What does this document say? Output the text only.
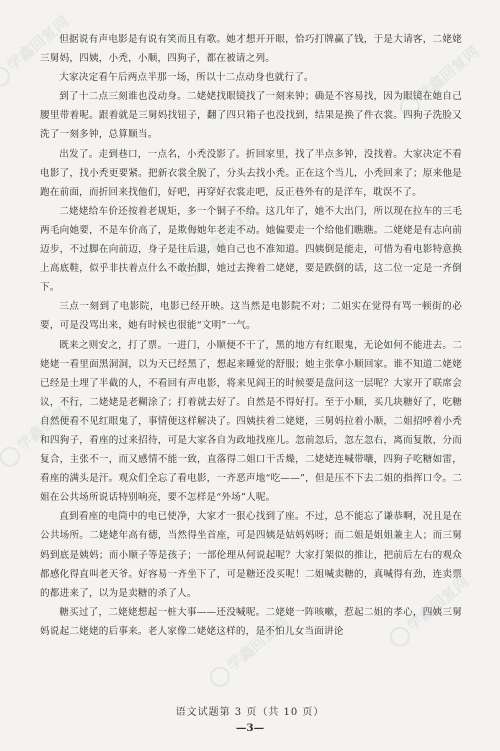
但据说有声电影是有说有笑而且有歌。她才想开开眼，恰巧打牌赢了钱，于是大请客，二姥姥三舅妈，四姨，小秃，小顺，四狗子，都在被请之列。

大家决定看午后两点半那一场，所以十二点动身也就行了。

到了十二点三刻谁也没动身。二姥姥找眼镜找了一刻来钟；确是不容易找，因为眼镜在她自己腰里带着呢。跟着就是三舅妈找钮子，翻了四只箱子也没找到，结果是换了件衣裳。四狗子洗脸又洗了一刻多钟，总算顺当。

出发了。走到巷口，一点名，小秃没影了。折回家里，找了半点多钟，没找着。大家决定不看电影了，找小秃更要紧。把新衣裳全脱了，分头去找小秃。正在这个当儿，小秃回来了；原来他是跑在前面，而折回来找他们，好吧，再穿好衣裳走吧，反正巷外有的是洋车，耽误不了。

二姥姥给车价还按着老规矩，多一个铜子不给。这几年了，她不大出门，所以现在拉车的三毛两毛向她要，不是车价高了，是欺侮她年老走不动。她偏要走一个给他们瞧瞧。二姥姥是有志向前迈步，不过脚在向前迈，身子是往后退，她自己也不准知道。四姨倒是能走，可惜为看电影特意换上高底鞋，似乎非扶着点什么不敢抬脚，她过去搀着二姥姥，要是跌倒的话，这二位一定是一齐倒下。

三点一刻到了电影院，电影已经开映。这当然是电影院不对；二姐实在觉得有骂一顿街的必要，可是没骂出来，她有时候也很能“文明”一气。

既来之则安之，打了票。一进门，小顺便不干了，黑的地方有红眼鬼，无论如何不能进去。二姥姥一看里面黑洞洞，以为天已经黑了，想起来睡觉的舒服；她主张拿小顺回家。谁不知道二姥姥已经是土埋了半截的人，不看回有声电影，将来见阎王的时候要是盘问这一层呢？大家开了联席会议，不行，二姥姥是老糊涂了；打着就去好了。自然是不得好打。至于小顺，买几块糖好了，吃糖自然便看不见红眼鬼了，事情便这样解决了。四姨扶着二姥姥，三舅妈拉着小顺，二姐招呼着小秃和四狗子，看座的过来招待，可是大家各自为政地找座儿。忽前忽后，忽左忽右，离而复散，分而复合，主张不一，而又感情不能一致，直落得二姐口干舌燥，二姥姥连喊带嚷，四狗子吃糖如雷，看座的满头是汗。观众们全忘了看电影，一齐恶声地“吃——”，但是压不下去二姐的指挥口令。二姐在公共场所说话特别响亮，要不怎样是“外场”人呢。

直到看座的电筒中的电已使净，大家才一狠心找到了座。不过，总不能忘了谦恭啊，况且是在公共场所。二姥姥年高有德，当然得坐首座，可是四姨是姑妈妈呀；而二姐是姐姐兼主人；而三舅妈到底是姨妈；而小顺子等是孩子；一部伦理从何说起呢？大家打架似的推让，把前后左右的观众都感化得直叫老天爷。好容易一齐坐下了，可是糖还没买呢！二姐喊卖糖的，真喊得有劲，连卖票的都进来了，以为是卖糖的杀了人。

糖买过了，二姥姥想起一桩大事——还没喊呢。二姥姥一阵咳嗽，惹起二姐的孝心，四姨三舅妈说起二姥姥的后事来。老人家像二姥姥这样的，是不怕儿女当面讲论

语文试题第 3 页（共 10 页）
—3—
学鑫回复网
学鑫回复网
学鑫回复网
学鑫回复网
学鑫回复网
学鑫回复网
